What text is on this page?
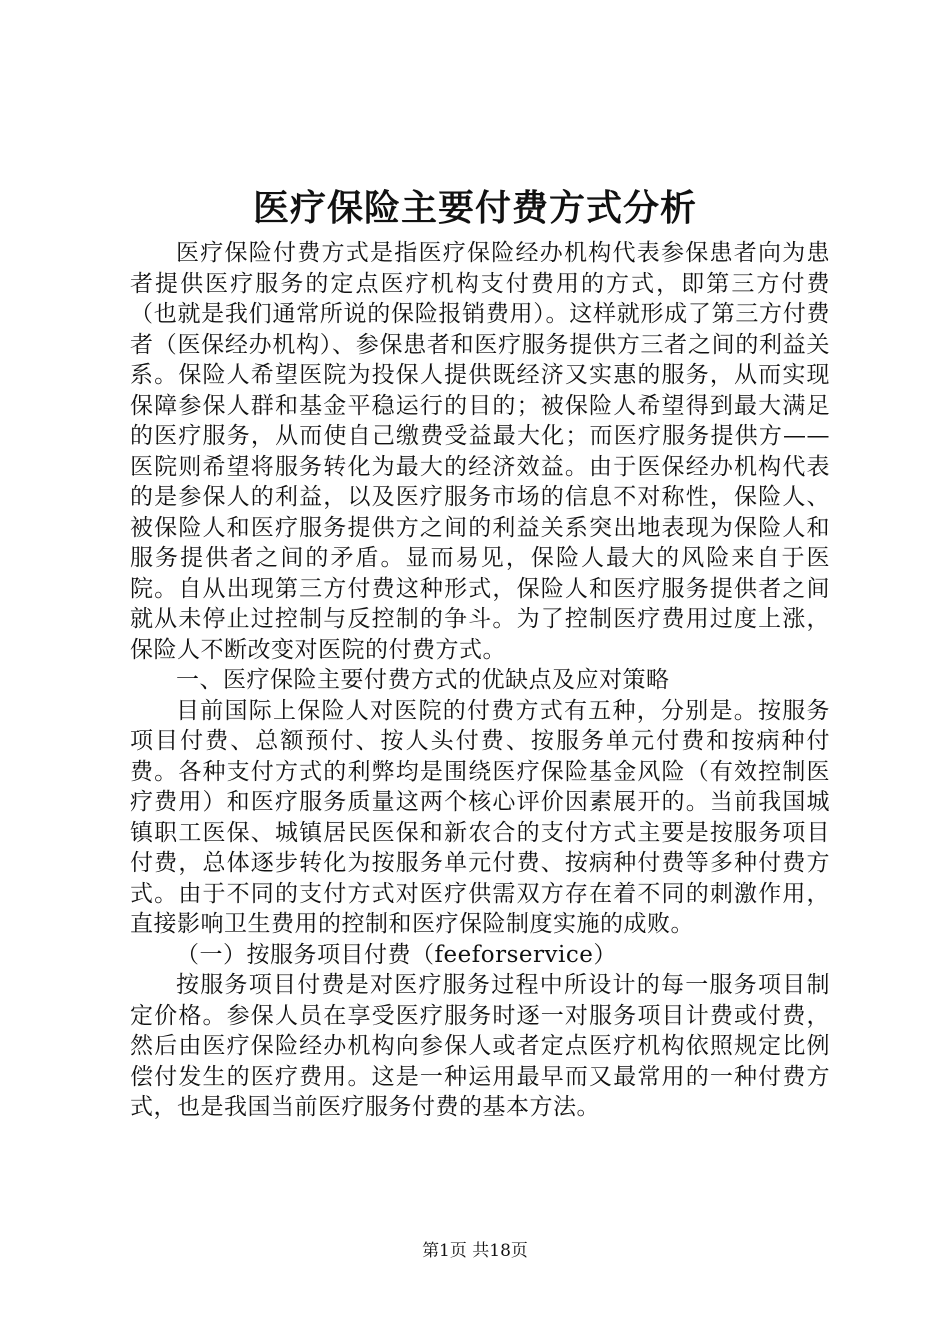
医疗保险主要付费方式分析

医疗保险付费方式是指医疗保险经办机构代表参保患者向为患者提供医疗服务的定点医疗机构支付费用的方式，即第三方付费（也就是我们通常所说的保险报销费用）。这样就形成了第三方付费者（医保经办机构）、参保患者和医疗服务提供方三者之间的利益关系。保险人希望医院为投保人提供既经济又实惠的服务，从而实现保障参保人群和基金平稳运行的目的；被保险人希望得到最大满足的医疗服务，从而使自己缴费受益最大化；而医疗服务提供方——医院则希望将服务转化为最大的经济效益。由于医保经办机构代表的是参保人的利益，以及医疗服务市场的信息不对称性，保险人、被保险人和医疗服务提供方之间的利益关系突出地表现为保险人和服务提供者之间的矛盾。显而易见，保险人最大的风险来自于医院。自从出现第三方付费这种形式，保险人和医疗服务提供者之间就从未停止过控制与反控制的争斗。为了控制医疗费用过度上涨，保险人不断改变对医院的付费方式。

一、医疗保险主要付费方式的优缺点及应对策略

目前国际上保险人对医院的付费方式有五种，分别是。按服务项目付费、总额预付、按人头付费、按服务单元付费和按病种付费。各种支付方式的利弊均是围绕医疗保险基金风险（有效控制医疗费用）和医疗服务质量这两个核心评价因素展开的。当前我国城镇职工医保、城镇居民医保和新农合的支付方式主要是按服务项目付费，总体逐步转化为按服务单元付费、按病种付费等多种付费方式。由于不同的支付方式对医疗供需双方存在着不同的刺激作用，直接影响卫生费用的控制和医疗保险制度实施的成败。

（一）按服务项目付费（feeforservice）

按服务项目付费是对医疗服务过程中所设计的每一服务项目制定价格。参保人员在享受医疗服务时逐一对服务项目计费或付费，然后由医疗保险经办机构向参保人或者定点医疗机构依照规定比例偿付发生的医疗费用。这是一种运用最早而又最常用的一种付费方式，也是我国当前医疗服务付费的基本方法。

第1页 共18页
